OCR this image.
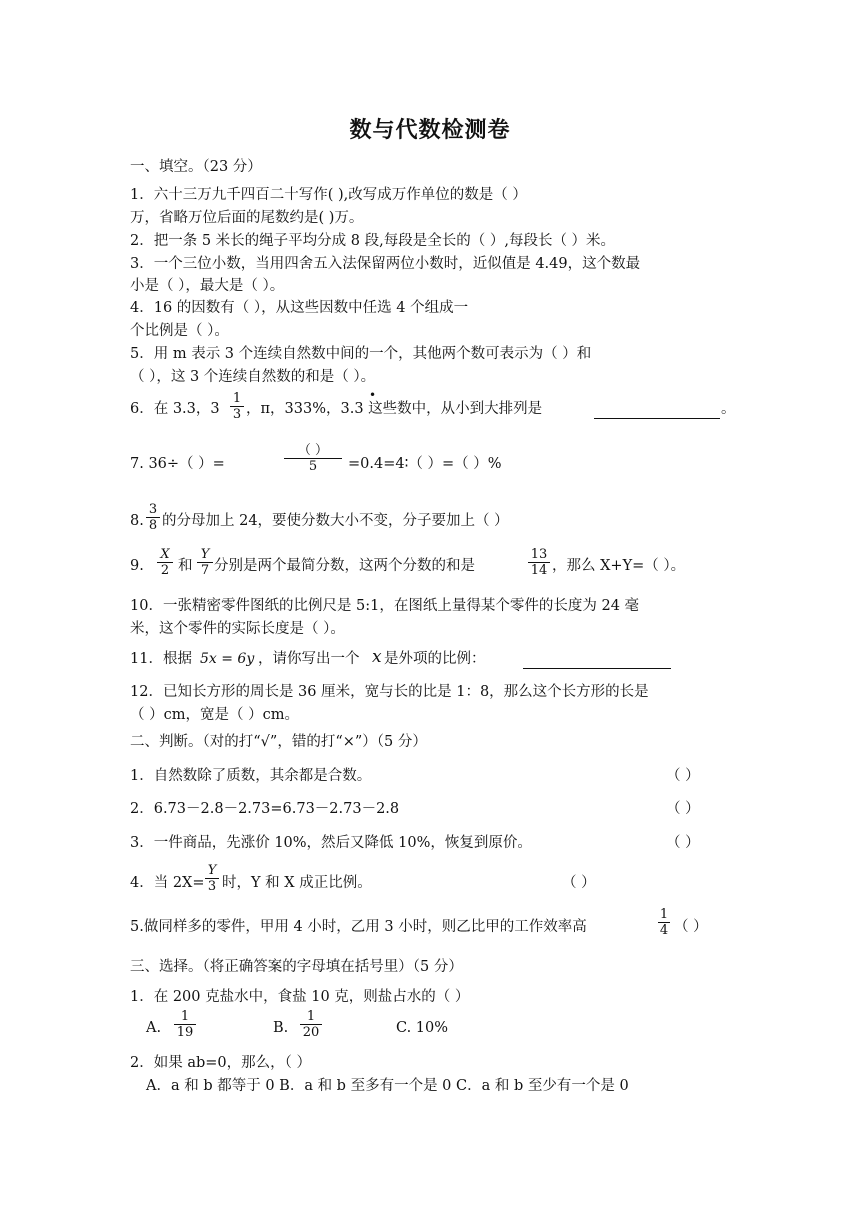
数与代数检测卷
一、填空。（23 分）
1．六十三万九千四百二十写作( ),改写成万作单位的数是（ ）
万，省略万位后面的尾数约是( )万。
2．把一条 5 米长的绳子平均分成 8 段,每段是全长的（ ）,每段长（ ）米。
3．一个三位小数，当用四舍五入法保留两位小数时，近似值是 4.49，这个数最
小是（ ），最大是（ ）。
4．16 的因数有（ ），从这些因数中任选 4 个组成一
个比例是（ ）。
5．用 m 表示 3 个连续自然数中间的一个，其他两个数可表示为（ ）和
（ ），这 3 个连续自然数的和是（ ）。
6．在 3.3，$3 \frac{1}{3}$ ，π，333%，3.3 这些数中，从小到大排列是
•
。
7. 36÷（ ）=
（ ）
5	=0.4=4∶（ ）=（ ）%
8. $\frac{3}{8}$ 的分母加上 24，要使分数大小不变，分子要加上（ ）
9. $\frac{X}{2}$ 和 $\frac{Y}{7}$ 分别是两个最简分数，这两个分数的和是	$\frac{13}{14}$ ，那么 X+Y=（ ）。
10．一张精密零件图纸的比例尺是 5:1，在图纸上量得某个零件的长度为 24 毫
米，这个零件的实际长度是（ ）。
11．根据 5x = 6y ，请你写出一个 x 是外项的比例：
12．已知长方形的周长是 36 厘米，宽与长的比是 1：8，那么这个长方形的长是
（ ）cm，宽是（ ）cm。
二、判断。（对的打“√”，错的打“×”）（5 分）
1．自然数除了质数，其余都是合数。	（ ）
2．6.73－2.8－2.73=6.73－2.73－2.8	（ ）
3．一件商品，先涨价 10%，然后又降低 10%，恢复到原价。	（ ）
4．当 $2X= \frac{Y}{3}$ 时，Y 和 X 成正比例。	（ ）
5.做同样多的零件，甲用 4 小时，乙用 3 小时，则乙比甲的工作效率高	$\frac{1}{4}$ （ ）
三、选择。（将正确答案的字母填在括号里）（5 分）
1．在 200 克盐水中，食盐 10 克，则盐占水的（ ）
A. $\frac{1}{19}$	B. $\frac{1}{20}$	C. 10%
2．如果 ab=0，那么，（ ）
A．a 和 b 都等于 0 B．a 和 b 至多有一个是 0 C．a 和 b 至少有一个是 0
